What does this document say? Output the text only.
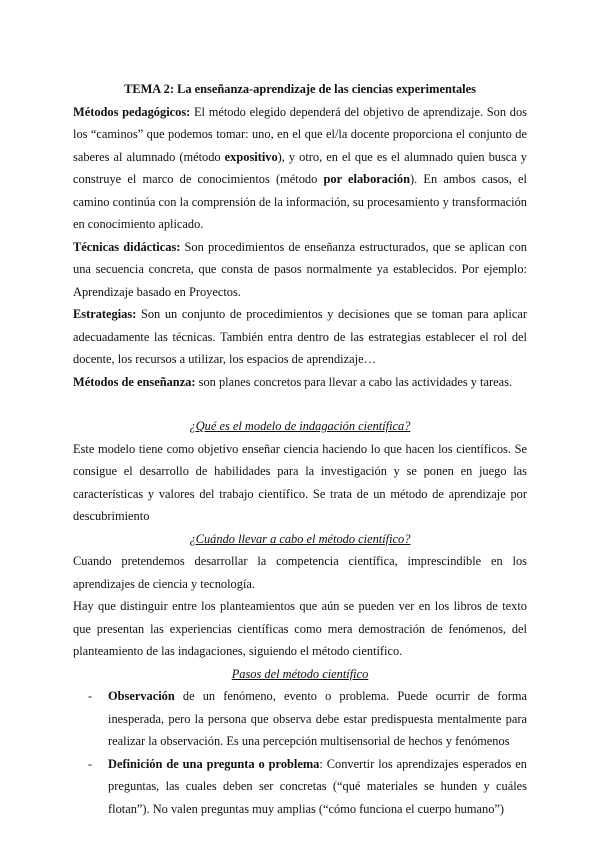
TEMA 2: La enseñanza-aprendizaje de las ciencias experimentales

Métodos pedagógicos: El método elegido dependerá del objetivo de aprendizaje. Son dos los “caminos” que podemos tomar: uno, en el que el/la docente proporciona el conjunto de saberes al alumnado (método expositivo), y otro, en el que es el alumnado quien busca y construye el marco de conocimientos (método por elaboración). En ambos casos, el camino continúa con la comprensión de la información, su procesamiento y transformación en conocimiento aplicado.

Técnicas didácticas: Son procedimientos de enseñanza estructurados, que se aplican con una secuencia concreta, que consta de pasos normalmente ya establecidos. Por ejemplo: Aprendizaje basado en Proyectos.

Estrategias: Son un conjunto de procedimientos y decisiones que se toman para aplicar adecuadamente las técnicas. También entra dentro de las estrategias establecer el rol del docente, los recursos a utilizar, los espacios de aprendizaje…

Métodos de enseñanza: son planes concretos para llevar a cabo las actividades y tareas.

¿Qué es el modelo de indagación científica?

Este modelo tiene como objetivo enseñar ciencia haciendo lo que hacen los científicos. Se consigue el desarrollo de habilidades para la investigación y se ponen en juego las características y valores del trabajo científico. Se trata de un método de aprendizaje por descubrimiento

¿Cuándo llevar a cabo el método científico?

Cuando pretendemos desarrollar la competencia científica, imprescindible en los aprendizajes de ciencia y tecnología.

Hay que distinguir entre los planteamientos que aún se pueden ver en los libros de texto que presentan las experiencias científicas como mera demostración de fenómenos, del planteamiento de las indagaciones, siguiendo el método científico.

Pasos del método científico

- Observación de un fenómeno, evento o problema. Puede ocurrir de forma inesperada, pero la persona que observa debe estar predispuesta mentalmente para realizar la observación. Es una percepción multisensorial de hechos y fenómenos
- Definición de una pregunta o problema: Convertir los aprendizajes esperados en preguntas, las cuales deben ser concretas (“qué materiales se hunden y cuáles flotan”). No valen preguntas muy amplias (“cómo funciona el cuerpo humano”)
